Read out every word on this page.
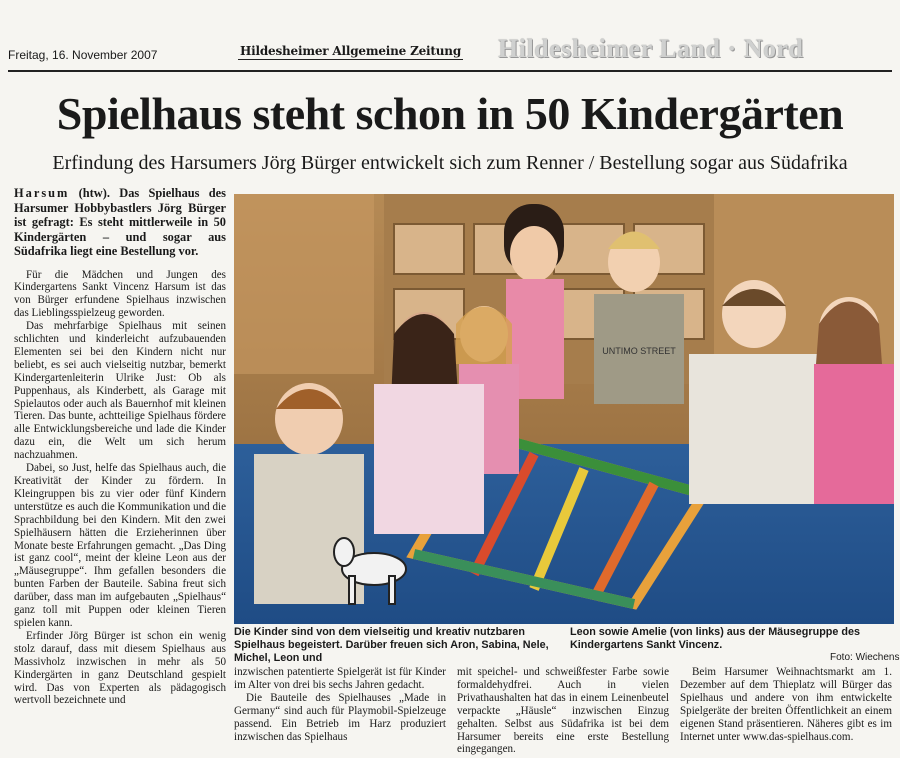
Freitag, 16. November 2007	Hildesheimer Allgemeine Zeitung Hildesheimer Land · Nord
Spielhaus steht schon in 50 Kindergärten
Erfindung des Harsumers Jörg Bürger entwickelt sich zum Renner / Bestellung sogar aus Südafrika
Harsum (htw). Das Spielhaus des Harsumer Hobbybastlers Jörg Bürger ist gefragt: Es steht mittlerweile in 50 Kindergärten – und sogar aus Südafrika liegt eine Bestellung vor.

Für die Mädchen und Jungen des Kindergartens Sankt Vincenz Harsum ist das von Bürger erfundene Spielhaus inzwischen das Lieblingsspielzeug geworden.

Das mehrfarbige Spielhaus mit seinen schlichten und kinderleicht aufzubauenden Elementen sei bei den Kindern nicht nur beliebt, es sei auch vielseitig nutzbar, bemerkt Kindergartenleiterin Ulrike Just: Ob als Puppenhaus, als Kinderbett, als Garage mit Spielautos oder auch als Bauernhof mit kleinen Tieren. Das bunte, achtteilige Spielhaus fördere alle Entwicklungsbereiche und lade die Kinder dazu ein, die Welt um sich herum nachzuahmen.

Dabei, so Just, helfe das Spielhaus auch, die Kreativität der Kinder zu fördern. In Kleingruppen bis zu vier oder fünf Kindern unterstütze es auch die Kommunikation und die Sprachbildung bei den Kindern. Mit den zwei Spielhäusern hätten die Erzieherinnen über Monate beste Erfahrungen gemacht. „Das Ding ist ganz cool“, meint der kleine Leon aus der „Mäusegruppe“. Ihm gefallen besonders die bunten Farben der Bauteile. Sabina freut sich darüber, dass man im aufgebauten „Spielhaus“ ganz toll mit Puppen oder kleinen Tieren spielen kann.

Erfinder Jörg Bürger ist schon ein wenig stolz darauf, dass mit diesem Spielhaus aus Massivholz inzwischen in mehr als 50 Kindergärten in ganz Deutschland gespielt wird. Das von Experten als pädagogisch wertvoll bezeichnete und

UNTIMO STREET
Die Kinder sind von dem vielseitig und kreativ nutzbaren Spielhaus begeistert. Darüber freuen sich Aron, Sabina, Nele, Michel, Leon und
Leon sowie Amelie (von links) aus der Mäusegruppe des Kindergartens Sankt Vincenz.
Foto: Wiechens

inzwischen patentierte Spielgerät ist für Kinder im Alter von drei bis sechs Jahren gedacht.

Die Bauteile des Spielhauses „Made in Germany“ sind auch für Playmobil-Spielzeuge passend. Ein Betrieb im Harz produziert inzwischen das Spielhaus

mit speichel- und schweißfester Farbe sowie formaldehydfrei. Auch in vielen Privathaushalten hat das in einem Leinenbeutel verpackte „Häusle“ inzwischen Einzug gehalten. Selbst aus Südafrika ist bei dem Harsumer bereits eine erste Bestellung eingegangen.

Beim Harsumer Weihnachtsmarkt am 1. Dezember auf dem Thieplatz will Bürger das Spielhaus und andere von ihm entwickelte Spielgeräte der breiten Öffentlichkeit an einem eigenen Stand präsentieren. Näheres gibt es im Internet unter www.das-spielhaus.com.
